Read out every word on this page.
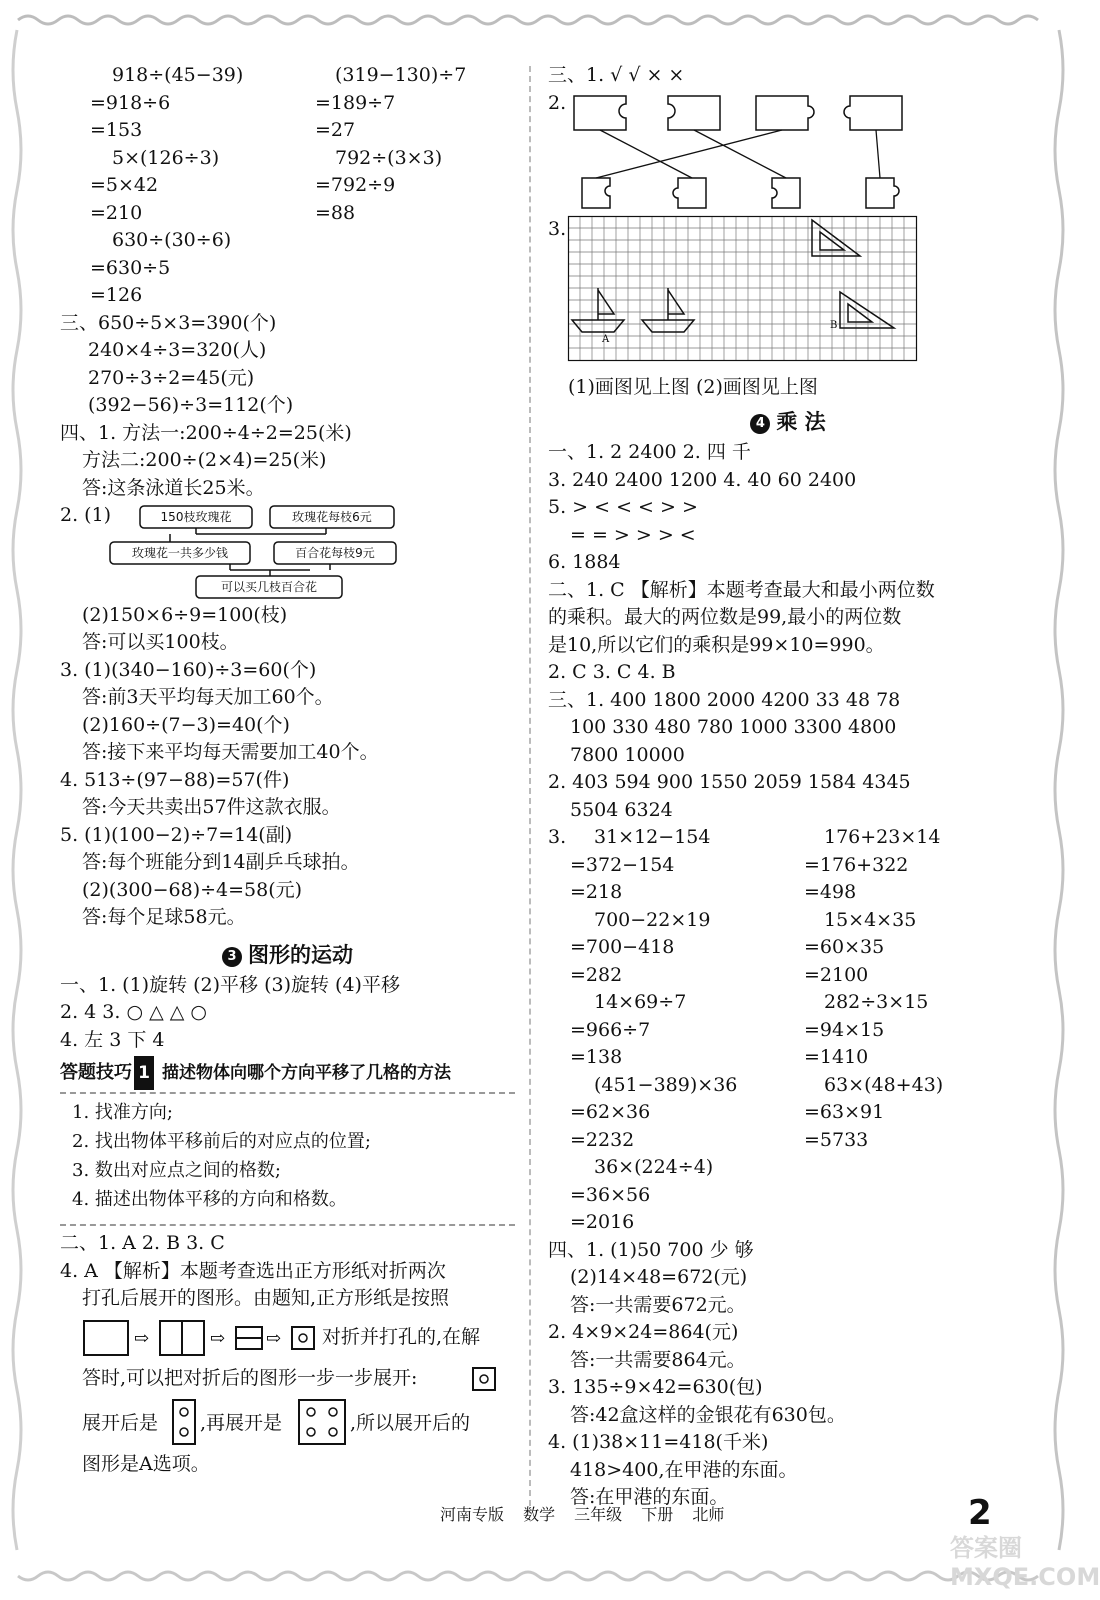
918÷(45−39)	(319−130)÷7
=918÷6	=189÷7
=153	=27
5×(126÷3)	792÷(3×3)
=5×42	=792÷9
=210	=88
630÷(30÷6)
=630÷5
=126
三、650÷5×3=390(个)
240×4÷3=320(人)
270÷3÷2=45(元)
(392−56)÷3=112(个)
四、1. 方法一:200÷4÷2=25(米)
方法二:200÷(2×4)=25(米)
答:这条泳道长25米。
2. (1)	150枝玫瑰花	玫瑰花每枝6元
玫瑰花一共多少钱	百合花每枝9元
可以买几枝百合花
(2)150×6÷9=100(枝)
答:可以买100枝。
3. (1)(340−160)÷3=60(个)
答:前3天平均每天加工60个。
(2)160÷(7−3)=40(个)
答:接下来平均每天需要加工40个。
4. 513÷(97−88)=57(件)
答:今天共卖出57件这款衣服。
5. (1)(100−2)÷7=14(副)
答:每个班能分到14副乒乓球拍。
(2)(300−68)÷4=58(元)
答:每个足球58元。
3 图形的运动
一、1. (1)旋转 (2)平移 (3)旋转 (4)平移
2. 4 3. ○ △ △ ○
4. 左 3 下 4
答题技巧 1 描述物体向哪个方向平移了几格的方法
1. 找准方向;
2. 找出物体平移前后的对应点的位置;
3. 数出对应点之间的格数;
4. 描述出物体平移的方向和格数。
二、1. A 2. B 3. C
4. A 【解析】本题考查选出正方形纸对折两次
打孔后展开的图形。由题知,正方形纸是按照
⇨	⇨ ⇨ 对折并打孔的,在解
答时,可以把对折后的图形一步一步展开:
展开后是 ,再展开是	,所以展开后的
图形是A选项。
三、1. √ √ × ×
2.
3.
A
B
(1)画图见上图 (2)画图见上图
4 乘 法
一、1. 2 2400 2. 四 千
3. 240 2400 1200 4. 40 60 2400
5. > < < < > >
= = > > > <
6. 1884
二、1. C 【解析】本题考查最大和最小两位数
的乘积。最大的两位数是99,最小的两位数
是10,所以它们的乘积是99×10=990。
2. C 3. C 4. B
三、1. 400 1800 2000 4200 33 48 78
100 330 480 780 1000 3300 4800
7800 10000
2. 403 594 900 1550 2059 1584 4345
5504 6324
3. 31×12−154	176+23×14
=372−154	=176+322
=218	=498
700−22×19	15×4×35
=700−418	=60×35
=282	=2100
14×69÷7	282÷3×15
=966÷7	=94×15
=138	=1410
(451−389)×36	63×(48+43)
=62×36	=63×91
=2232	=5733
36×(224÷4)
=36×56
=2016
四、1. (1)50 700 少 够
(2)14×48=672(元)
答:一共需要672元。
2. 4×9×24=864(元)
答:一共需要864元。
3. 135÷9×42=630(包)
答:42盒这样的金银花有630包。
4. (1)38×11=418(千米)
418>400,在甲港的东面。
答:在甲港的东面。
河南专版 数学 三年级 下册 北师	2
答案圈 MXQE.COM
